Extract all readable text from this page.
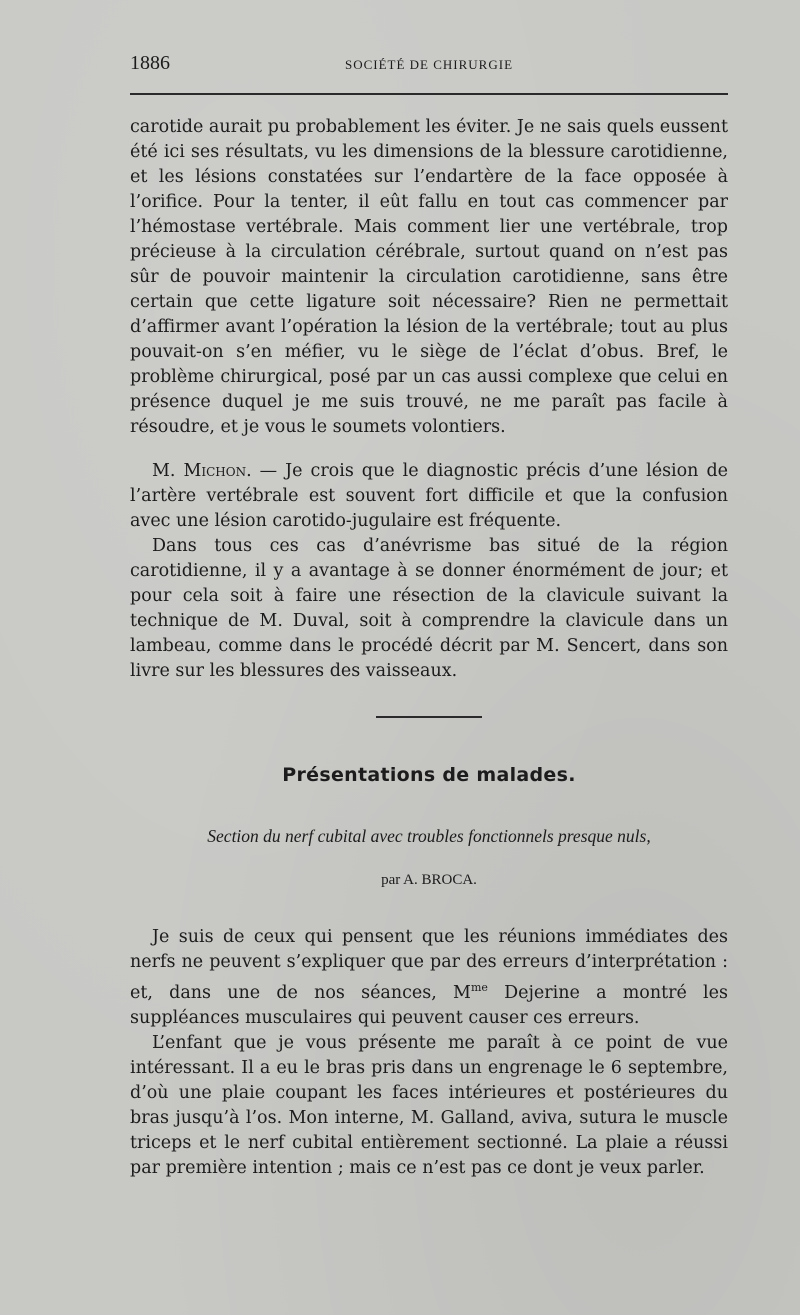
1886	SOCIÉTÉ DE CHIRURGIE

carotide aurait pu probablement les éviter. Je ne sais quels eussent été ici ses résultats, vu les dimensions de la blessure carotidienne, et les lésions constatées sur l’endartère de la face opposée à l’orifice. Pour la tenter, il eût fallu en tout cas commencer par l’hémostase vertébrale. Mais comment lier une vertébrale, trop précieuse à la circulation cérébrale, surtout quand on n’est pas sûr de pouvoir maintenir la circulation carotidienne, sans être certain que cette ligature soit nécessaire? Rien ne permettait d’affirmer avant l’opération la lésion de la vertébrale; tout au plus pouvait-on s’en méfier, vu le siège de l’éclat d’obus. Bref, le problème chirurgical, posé par un cas aussi complexe que celui en présence duquel je me suis trouvé, ne me paraît pas facile à résoudre, et je vous le soumets volontiers.

M. Michon. — Je crois que le diagnostic précis d’une lésion de l’artère vertébrale est souvent fort difficile et que la confusion avec une lésion carotido-jugulaire est fréquente.

Dans tous ces cas d’anévrisme bas situé de la région carotidienne, il y a avantage à se donner énormément de jour; et pour cela soit à faire une résection de la clavicule suivant la technique de M. Duval, soit à comprendre la clavicule dans un lambeau, comme dans le procédé décrit par M. Sencert, dans son livre sur les blessures des vaisseaux.

Présentations de malades.
Section du nerf cubital avec troubles fonctionnels presque nuls,
par A. BROCA.

Je suis de ceux qui pensent que les réunions immédiates des nerfs ne peuvent s’expliquer que par des erreurs d’interprétation : et, dans une de nos séances, $M^{me}$ Dejerine a montré les suppléances musculaires qui peuvent causer ces erreurs.

L’enfant que je vous présente me paraît à ce point de vue intéressant. Il a eu le bras pris dans un engrenage le 6 septembre, d’où une plaie coupant les faces intérieures et postérieures du bras jusqu’à l’os. Mon interne, M. Galland, aviva, sutura le muscle triceps et le nerf cubital entièrement sectionné. La plaie a réussi par première intention ; mais ce n’est pas ce dont je veux parler.
